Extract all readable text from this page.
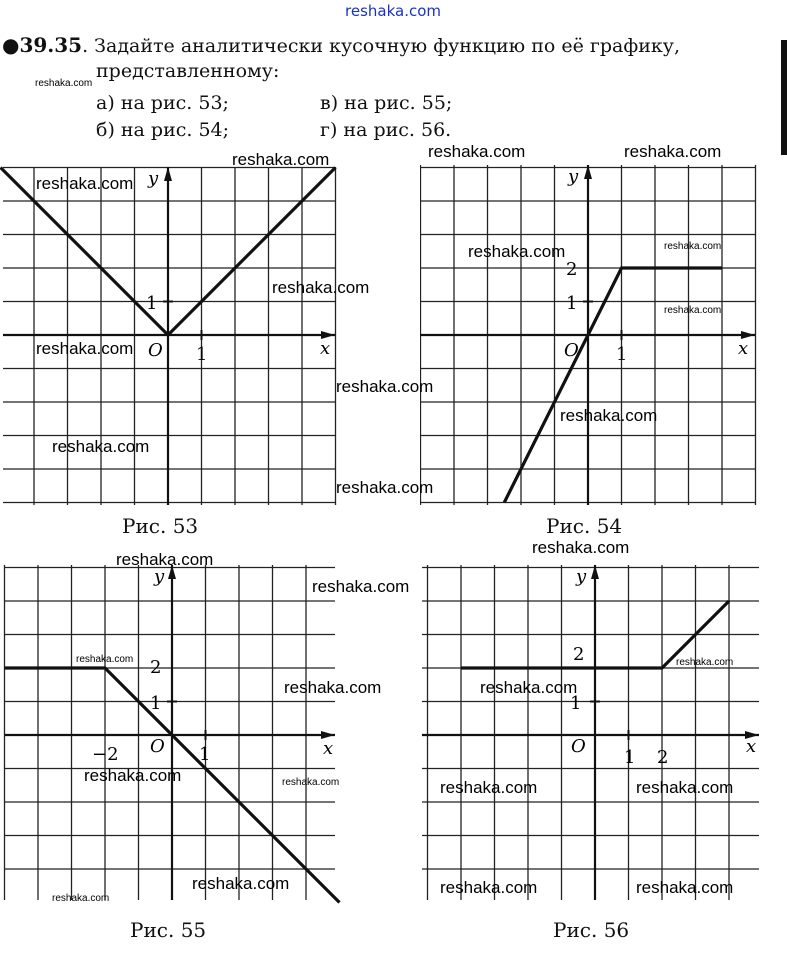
reshaka.com
●39.35. Задайте аналитически кусочную функцию по её графику,
представленному:
а) на рис. 53;	в) на рис. 55;
б) на рис. 54;	г) на рис. 56.
O	x
y
1
1
Рис. 53
O	x
y
1
1
2
Рис. 54
O	x
y
−2	1
1
2
Рис. 55
O	x
y
1 2
1
2
Рис. 56
reshaka.com
reshaka.com	reshaka.com	reshaka.com
reshaka.com
reshaka.com	reshaka.com
reshaka.com
reshaka.com
reshaka.com
reshaka.com
reshaka.com
reshaka.com
reshaka.com
reshaka.com
reshaka.com
reshaka.com
reshaka.com	reshaka.com
reshaka.com	reshaka.com
reshaka.com	reshaka.com	reshaka.com	reshaka.com
reshaka.com	reshaka.com	reshaka.com
reshaka.com
